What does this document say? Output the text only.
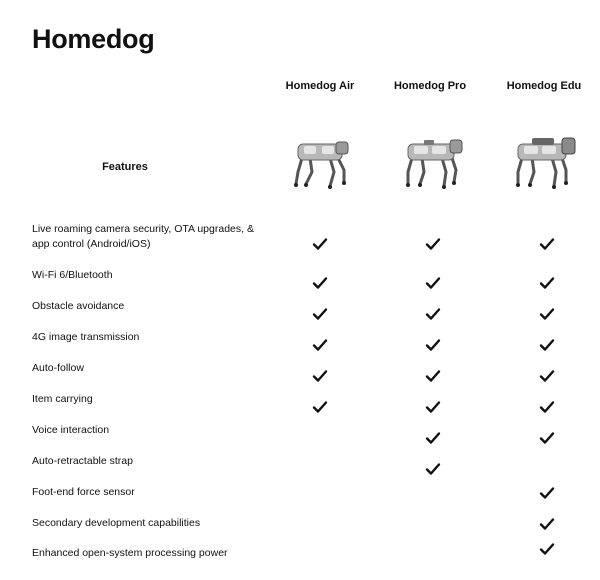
Homedog
Homedog Air	Homedog Pro	Homedog Edu
Features
Live roaming camera security, OTA upgrades, & app control (Android/iOS)
Wi-Fi 6/Bluetooth
Obstacle avoidance
4G image transmission
Auto-follow
Item carrying
Voice interaction
Auto-retractable strap
Foot-end force sensor
Secondary development capabilities
Enhanced open-system processing power
